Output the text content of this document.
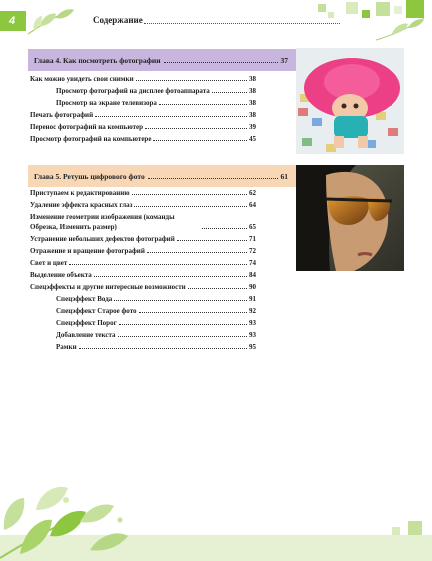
4	Содержание
Глава 4. Как посмотреть фотографии	37
Как можно увидеть свои снимки	38
Просмотр фотографий на дисплее фотоаппарата	38
Просмотр на экране телевизора	38
Печать фотографий	38
Перенос фотографий на компьютер	39
Просмотр фотографий на компьютере	45
Глава 5. Ретушь цифрового фото	61
Приступаем к редактированию	62
Удаление эффекта красных глаз	64
Изменение геометрии изображения (команды Обрезка, Изменить размер)	65
Устранение небольших дефектов фотографий	71
Отражение и вращение фотографий	72
Свет и цвет	74
Выделение объекта	84
Спецэффекты и другие интересные возможности	90
Спецэффект Вода	91
Спецэффект Старое фото	92
Спецэффект Порог	93
Добавление текста	93
Рамки	95
